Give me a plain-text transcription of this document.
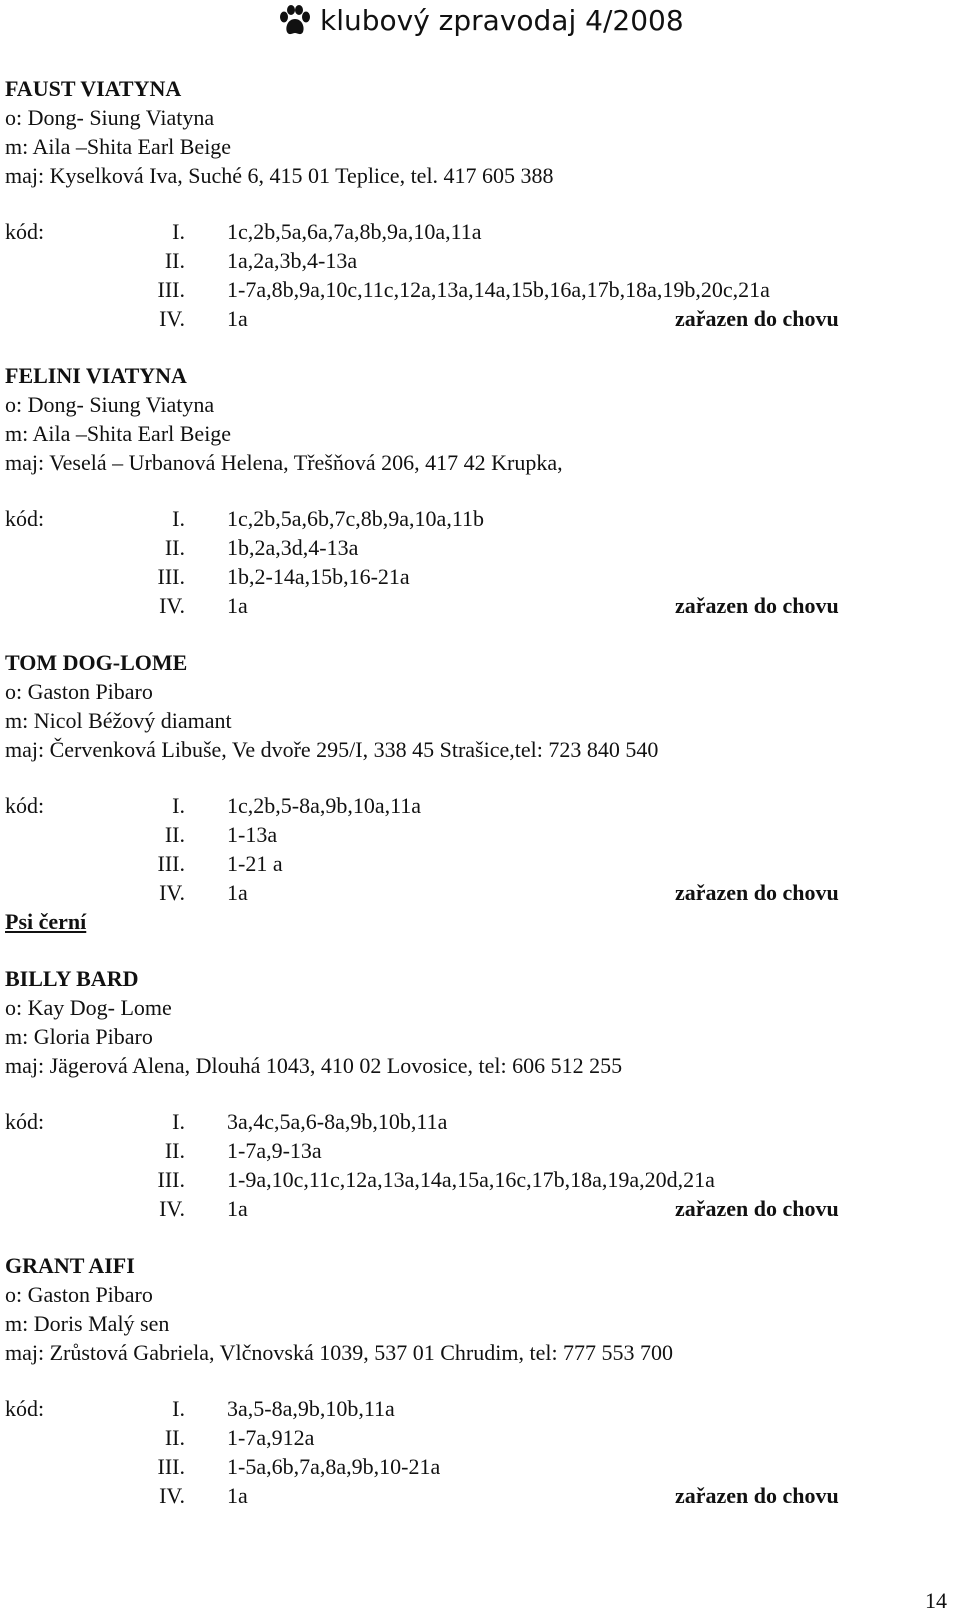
klubový zpravodaj 4/2008
FAUST VIATYNA
o: Dong- Siung Viatyna
m: Aila –Shita Earl Beige
maj: Kyselková Iva, Suché 6, 415 01 Teplice, tel. 417 605 388
kód:	I. 1c,2b,5a,6a,7a,8b,9a,10a,11a
II. 1a,2a,3b,4-13a
III. 1-7a,8b,9a,10c,11c,12a,13a,14a,15b,16a,17b,18a,19b,20c,21a
IV. 1a	zařazen do chovu
FELINI VIATYNA
o: Dong- Siung Viatyna
m: Aila –Shita Earl Beige
maj: Veselá – Urbanová Helena, Třešňová 206, 417 42 Krupka,
kód:	I. 1c,2b,5a,6b,7c,8b,9a,10a,11b
II. 1b,2a,3d,4-13a
III. 1b,2-14a,15b,16-21a
IV. 1a	zařazen do chovu
TOM DOG-LOME
o: Gaston Pibaro
m: Nicol Béžový diamant
maj: Červenková Libuše, Ve dvoře 295/I, 338 45 Strašice,tel: 723 840 540
kód:	I. 1c,2b,5-8a,9b,10a,11a
II. 1-13a
III. 1-21 a
IV. 1a	zařazen do chovu
Psi černí
BILLY BARD
o: Kay Dog- Lome
m: Gloria Pibaro
maj: Jägerová Alena, Dlouhá 1043, 410 02 Lovosice, tel: 606 512 255
kód:	I. 3a,4c,5a,6-8a,9b,10b,11a
II. 1-7a,9-13a
III. 1-9a,10c,11c,12a,13a,14a,15a,16c,17b,18a,19a,20d,21a
IV. 1a	zařazen do chovu
GRANT AIFI
o: Gaston Pibaro
m: Doris Malý sen
maj: Zrůstová Gabriela, Vlčnovská 1039, 537 01 Chrudim, tel: 777 553 700
kód:	I. 3a,5-8a,9b,10b,11a
II. 1-7a,912a
III. 1-5a,6b,7a,8a,9b,10-21a
IV. 1a	zařazen do chovu
14
